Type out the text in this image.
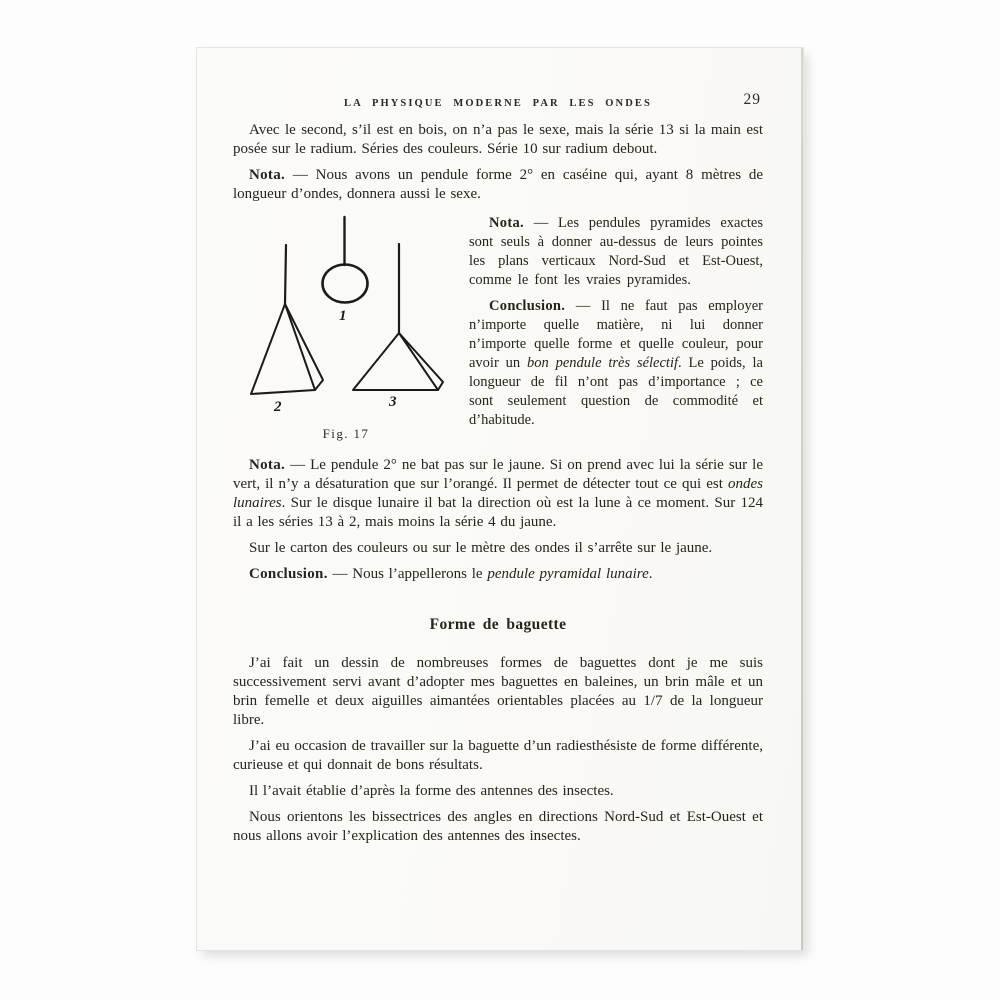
LA PHYSIQUE MODERNE PAR LES ONDES	29

Avec le second, s’il est en bois, on n’a pas le sexe, mais la série 13 si la main est posée sur le radium. Séries des couleurs. Série 10 sur radium debout.

Nota. — Nous avons un pendule forme 2° en caséine qui, ayant 8 mètres de longueur d’ondes, donnera aussi le sexe.

1
2	3
Fig. 17

Nota. — Les pendules pyramides exactes sont seuls à donner au-dessus de leurs pointes les plans verticaux Nord-Sud et Est-Ouest, comme le font les vraies pyramides.

Conclusion. — Il ne faut pas employer n’importe quelle matière, ni lui donner n’importe quelle forme et quelle couleur, pour avoir un bon pendule très sélectif. Le poids, la longueur de fil n’ont pas d’importance ; ce sont seulement question de commodité et d’habitude.

Nota. — Le pendule 2° ne bat pas sur le jaune. Si on prend avec lui la série sur le vert, il n’y a désaturation que sur l’orangé. Il permet de détecter tout ce qui est ondes lunaires. Sur le disque lunaire il bat la direction où est la lune à ce moment. Sur 124 il a les séries 13 à 2, mais moins la série 4 du jaune.

Sur le carton des couleurs ou sur le mètre des ondes il s’arrête sur le jaune.

Conclusion. — Nous l’appellerons le pendule pyramidal lunaire.

Forme de baguette

J’ai fait un dessin de nombreuses formes de baguettes dont je me suis successivement servi avant d’adopter mes baguettes en baleines, un brin mâle et un brin femelle et deux aiguilles aimantées orientables placées au 1/7 de la longueur libre.

J’ai eu occasion de travailler sur la baguette d’un radiesthésiste de forme différente, curieuse et qui donnait de bons résultats.

Il l’avait établie d’après la forme des antennes des insectes.

Nous orientons les bissectrices des angles en directions Nord-Sud et Est-Ouest et nous allons avoir l’explication des antennes des insectes.
